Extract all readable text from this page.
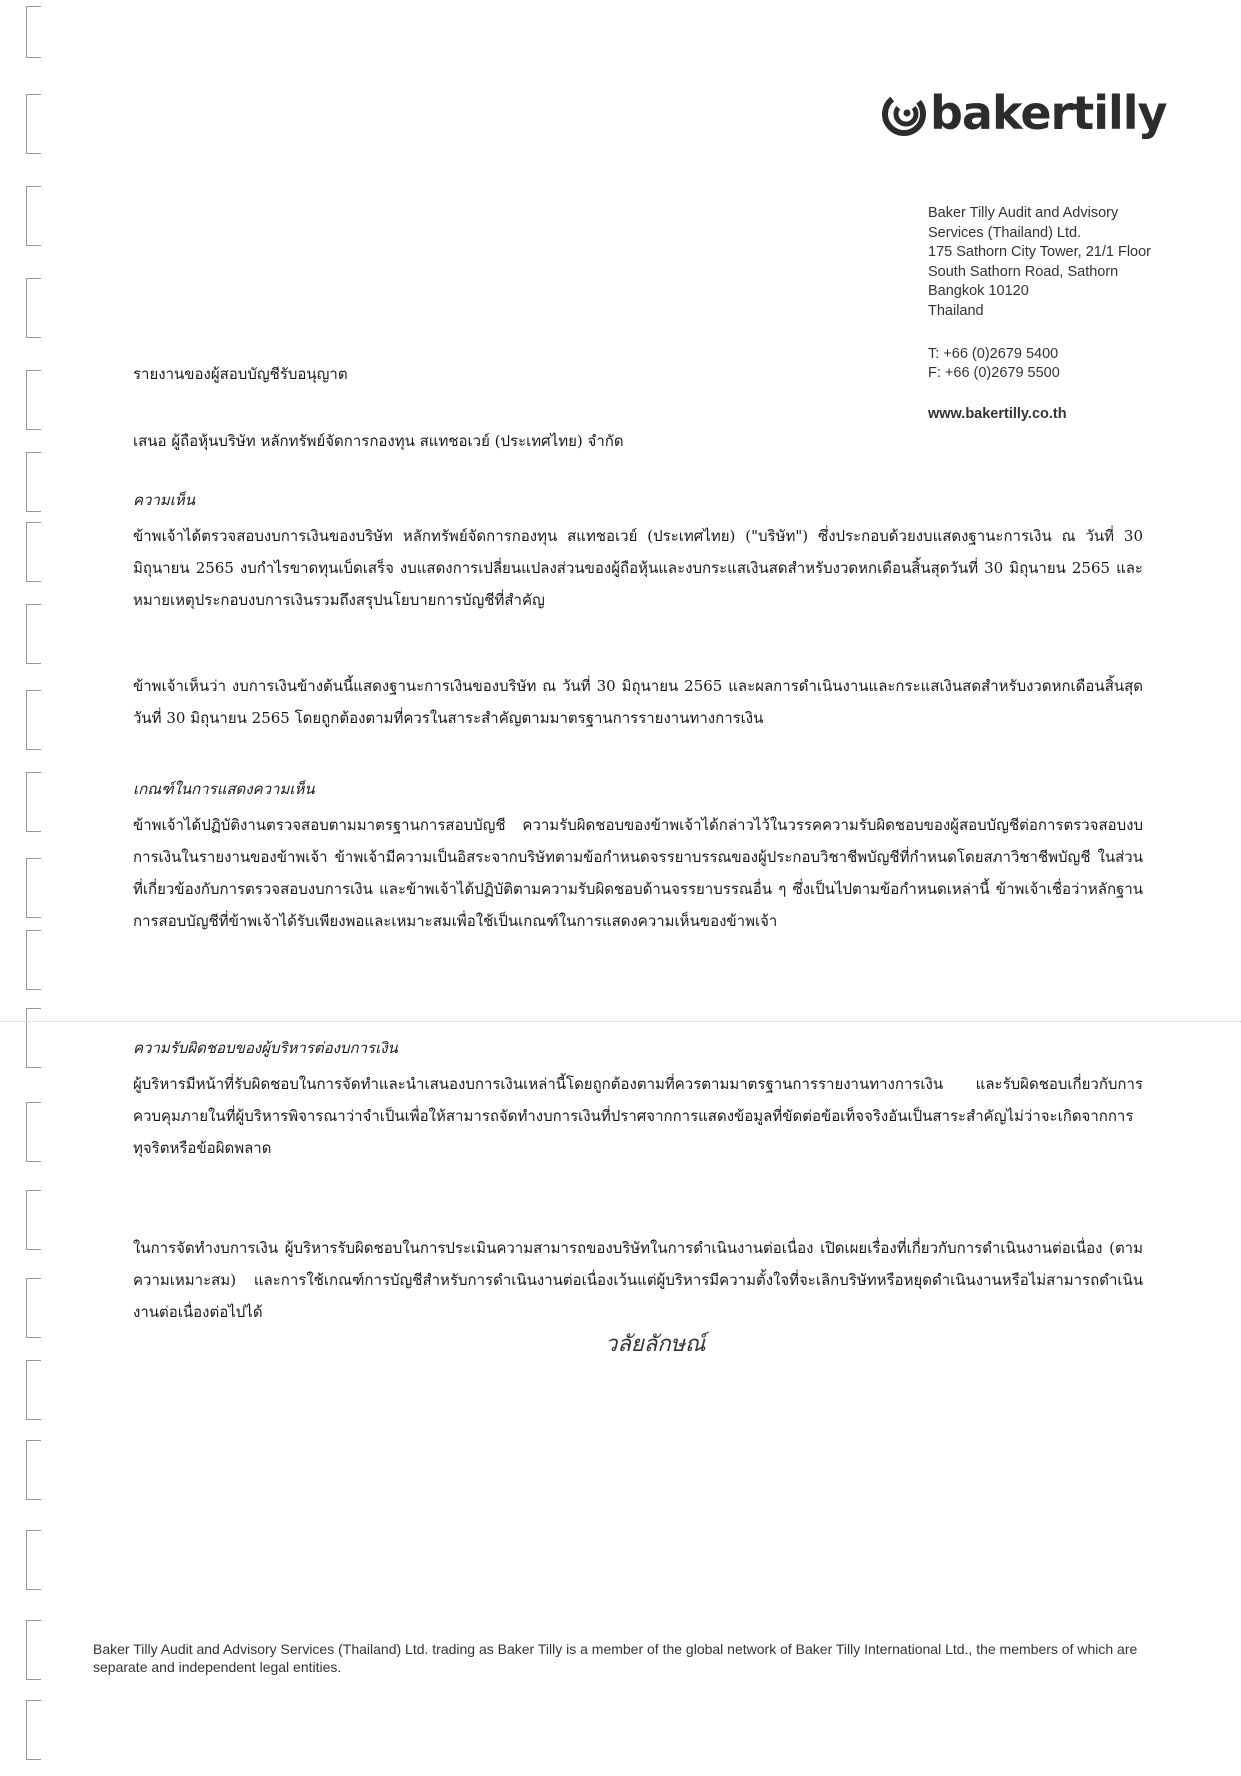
bakertilly
Baker Tilly Audit and Advisory
Services (Thailand) Ltd.
175 Sathorn City Tower, 21/1 Floor
South Sathorn Road, Sathorn
Bangkok 10120
Thailand
T: +66 (0)2679 5400
F: +66 (0)2679 5500
www.bakertilly.co.th
รายงานของผู้สอบบัญชีรับอนุญาต
เสนอ ผู้ถือหุ้นบริษัท หลักทรัพย์จัดการกองทุน สแทชอเวย์ (ประเทศไทย) จำกัด
ความเห็น

ข้าพเจ้าได้ตรวจสอบงบการเงินของบริษัท หลักทรัพย์จัดการกองทุน สแทชอเวย์ (ประเทศไทย) ("บริษัท") ซึ่งประกอบด้วยงบแสดงฐานะการเงิน ณ วันที่ 30 มิถุนายน 2565 งบกำไรขาดทุนเบ็ดเสร็จ งบแสดงการเปลี่ยนแปลงส่วนของผู้ถือหุ้นและงบกระแสเงินสดสำหรับงวดหกเดือนสิ้นสุดวันที่ 30 มิถุนายน 2565 และหมายเหตุประกอบงบการเงินรวมถึงสรุปนโยบายการบัญชีที่สำคัญ

ข้าพเจ้าเห็นว่า งบการเงินข้างต้นนี้แสดงฐานะการเงินของบริษัท ณ วันที่ 30 มิถุนายน 2565 และผลการดำเนินงานและกระแสเงินสดสำหรับงวดหกเดือนสิ้นสุดวันที่ 30 มิถุนายน 2565 โดยถูกต้องตามที่ควรในสาระสำคัญตามมาตรฐานการรายงานทางการเงิน

เกณฑ์ในการแสดงความเห็น

ข้าพเจ้าได้ปฏิบัติงานตรวจสอบตามมาตรฐานการสอบบัญชี ความรับผิดชอบของข้าพเจ้าได้กล่าวไว้ในวรรคความรับผิดชอบของผู้สอบบัญชีต่อการตรวจสอบงบการเงินในรายงานของข้าพเจ้า ข้าพเจ้ามีความเป็นอิสระจากบริษัทตามข้อกำหนดจรรยาบรรณของผู้ประกอบวิชาชีพบัญชีที่กำหนดโดยสภาวิชาชีพบัญชี ในส่วนที่เกี่ยวข้องกับการตรวจสอบงบการเงิน และข้าพเจ้าได้ปฏิบัติตามความรับผิดชอบด้านจรรยาบรรณอื่น ๆ ซึ่งเป็นไปตามข้อกำหนดเหล่านี้ ข้าพเจ้าเชื่อว่าหลักฐานการสอบบัญชีที่ข้าพเจ้าได้รับเพียงพอและเหมาะสมเพื่อใช้เป็นเกณฑ์ในการแสดงความเห็นของข้าพเจ้า

ความรับผิดชอบของผู้บริหารต่องบการเงิน

ผู้บริหารมีหน้าที่รับผิดชอบในการจัดทำและนำเสนองบการเงินเหล่านี้โดยถูกต้องตามที่ควรตามมาตรฐานการรายงานทางการเงิน และรับผิดชอบเกี่ยวกับการควบคุมภายในที่ผู้บริหารพิจารณาว่าจำเป็นเพื่อให้สามารถจัดทำงบการเงินที่ปราศจากการแสดงข้อมูลที่ขัดต่อข้อเท็จจริงอันเป็นสาระสำคัญไม่ว่าจะเกิดจากการทุจริตหรือข้อผิดพลาด

ในการจัดทำงบการเงิน ผู้บริหารรับผิดชอบในการประเมินความสามารถของบริษัทในการดำเนินงานต่อเนื่อง เปิดเผยเรื่องที่เกี่ยวกับการดำเนินงานต่อเนื่อง (ตามความเหมาะสม) และการใช้เกณฑ์การบัญชีสำหรับการดำเนินงานต่อเนื่องเว้นแต่ผู้บริหารมีความตั้งใจที่จะเลิกบริษัทหรือหยุดดำเนินงานหรือไม่สามารถดำเนินงานต่อเนื่องต่อไปได้

วลัยลักษณ์
Baker Tilly Audit and Advisory Services (Thailand) Ltd. trading as Baker Tilly is a member of the global network of Baker Tilly International Ltd., the members of which are separate and independent legal entities.
